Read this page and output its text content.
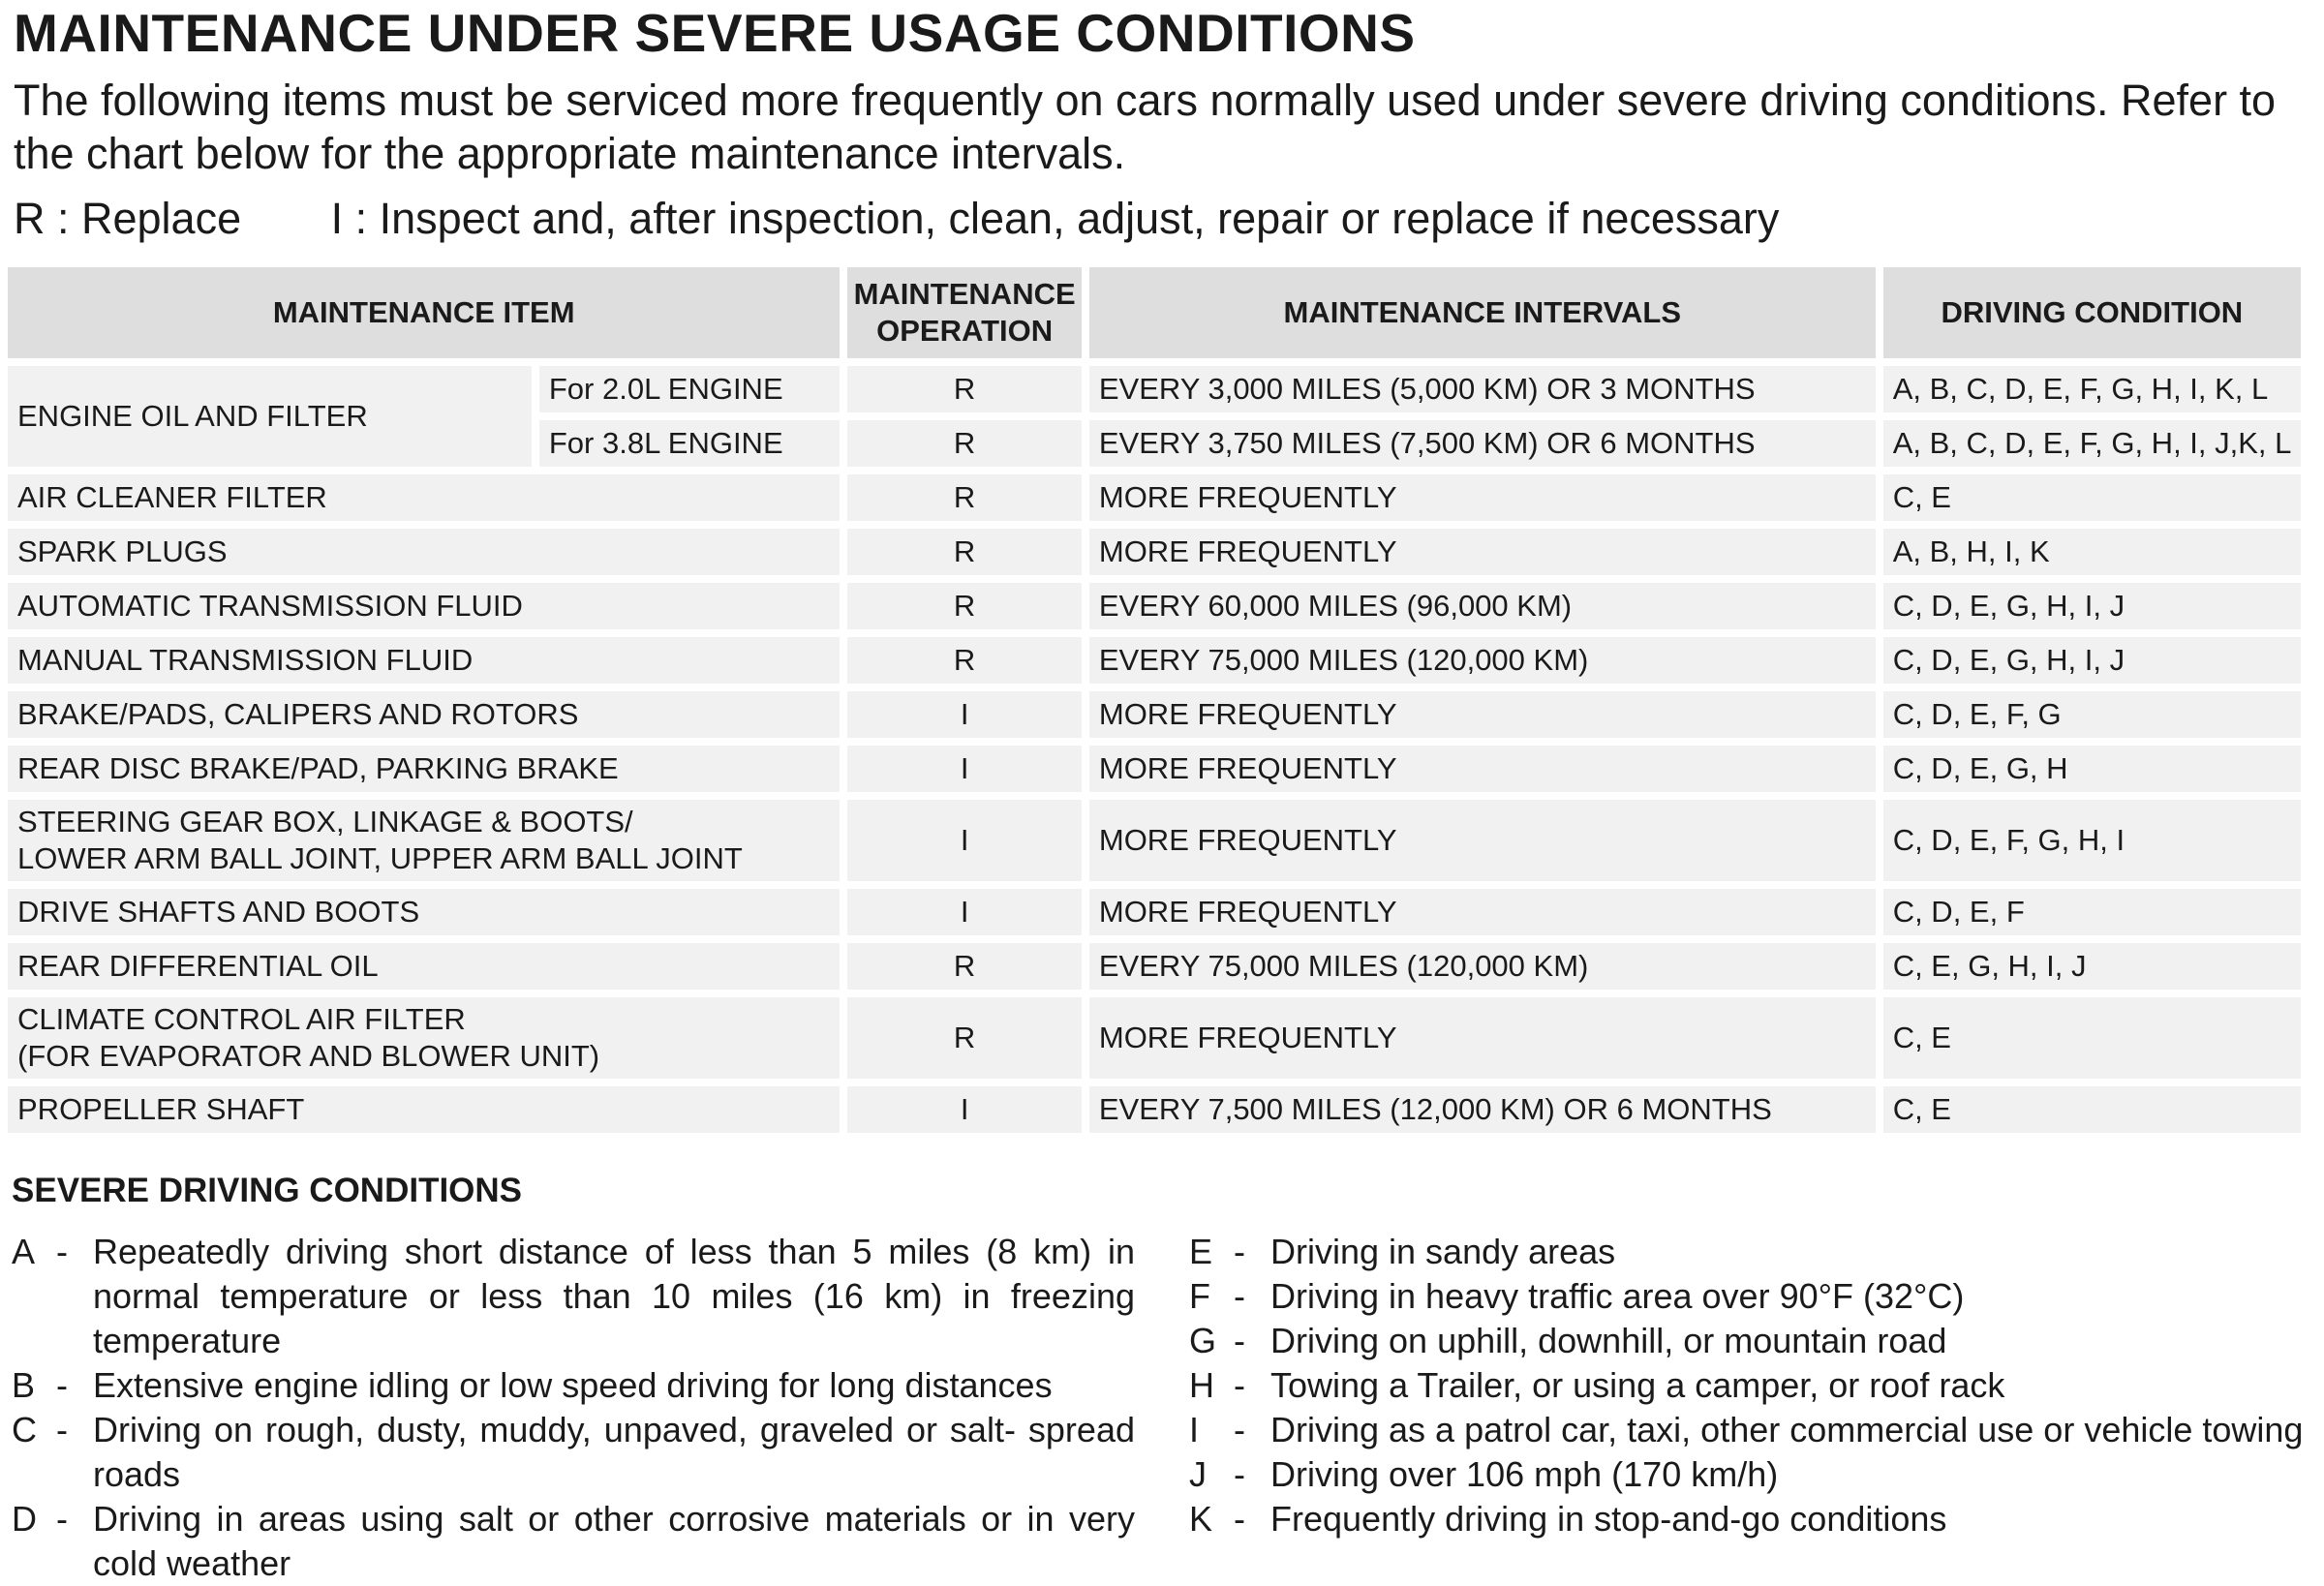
MAINTENANCE UNDER SEVERE USAGE CONDITIONS
The following items must be serviced more frequently on cars normally used under severe driving conditions. Refer to the chart below for the appropriate maintenance intervals.
R : Replace I : Inspect and, after inspection, clean, adjust, repair or replace if necessary
MAINTENANCE ITEM		MAINTENANCE OPERATION	MAINTENANCE INTERVALS	DRIVING CONDITION
ENGINE OIL AND FILTER	For 2.0L ENGINE	R	EVERY 3,000 MILES (5,000 KM) OR 3 MONTHS	A, B, C, D, E, F, G, H, I, K, L
	For 3.8L ENGINE	R	EVERY 3,750 MILES (7,500 KM) OR 6 MONTHS	A, B, C, D, E, F, G, H, I, J,K, L
AIR CLEANER FILTER		R	MORE FREQUENTLY	C, E
SPARK PLUGS		R	MORE FREQUENTLY	A, B, H, I, K
AUTOMATIC TRANSMISSION FLUID		R	EVERY 60,000 MILES (96,000 KM)	C, D, E, G, H, I, J
MANUAL TRANSMISSION FLUID		R	EVERY 75,000 MILES (120,000 KM)	C, D, E, G, H, I, J
BRAKE/PADS, CALIPERS AND ROTORS		I	MORE FREQUENTLY	C, D, E, F, G
REAR DISC BRAKE/PAD, PARKING BRAKE		I	MORE FREQUENTLY	C, D, E, G, H

STEERING GEAR BOX, LINKAGE & BOOTS/
LOWER ARM BALL JOINT, UPPER ARM BALL JOINT		I	MORE FREQUENTLY	C, D, E, F, G, H, I
DRIVE SHAFTS AND BOOTS		I	MORE FREQUENTLY	C, D, E, F
REAR DIFFERENTIAL OIL		R	EVERY 75,000 MILES (120,000 KM)	C, E, G, H, I, J

CLIMATE CONTROL AIR FILTER
(FOR EVAPORATOR AND BLOWER UNIT)		R	MORE FREQUENTLY	C, E
PROPELLER SHAFT		I	EVERY 7,500 MILES (12,000 KM) OR 6 MONTHS	C, E
SEVERE DRIVING CONDITIONS
A - Repeatedly driving short distance of less than 5 miles (8 km) in normal temperature or less than 10 miles (16 km) in freezing temperature
B - Extensive engine idling or low speed driving for long distances
C - Driving on rough, dusty, muddy, unpaved, graveled or salt- spread roads
D - Driving in areas using salt or other corrosive materials or in very cold weather
E - Driving in sandy areas
F - Driving in heavy traffic area over 90°F (32°C)
G - Driving on uphill, downhill, or mountain road
H - Towing a Trailer, or using a camper, or roof rack
I - Driving as a patrol car, taxi, other commercial use or vehicle towing
J - Driving over 106 mph (170 km/h)
K - Frequently driving in stop-and-go conditions
